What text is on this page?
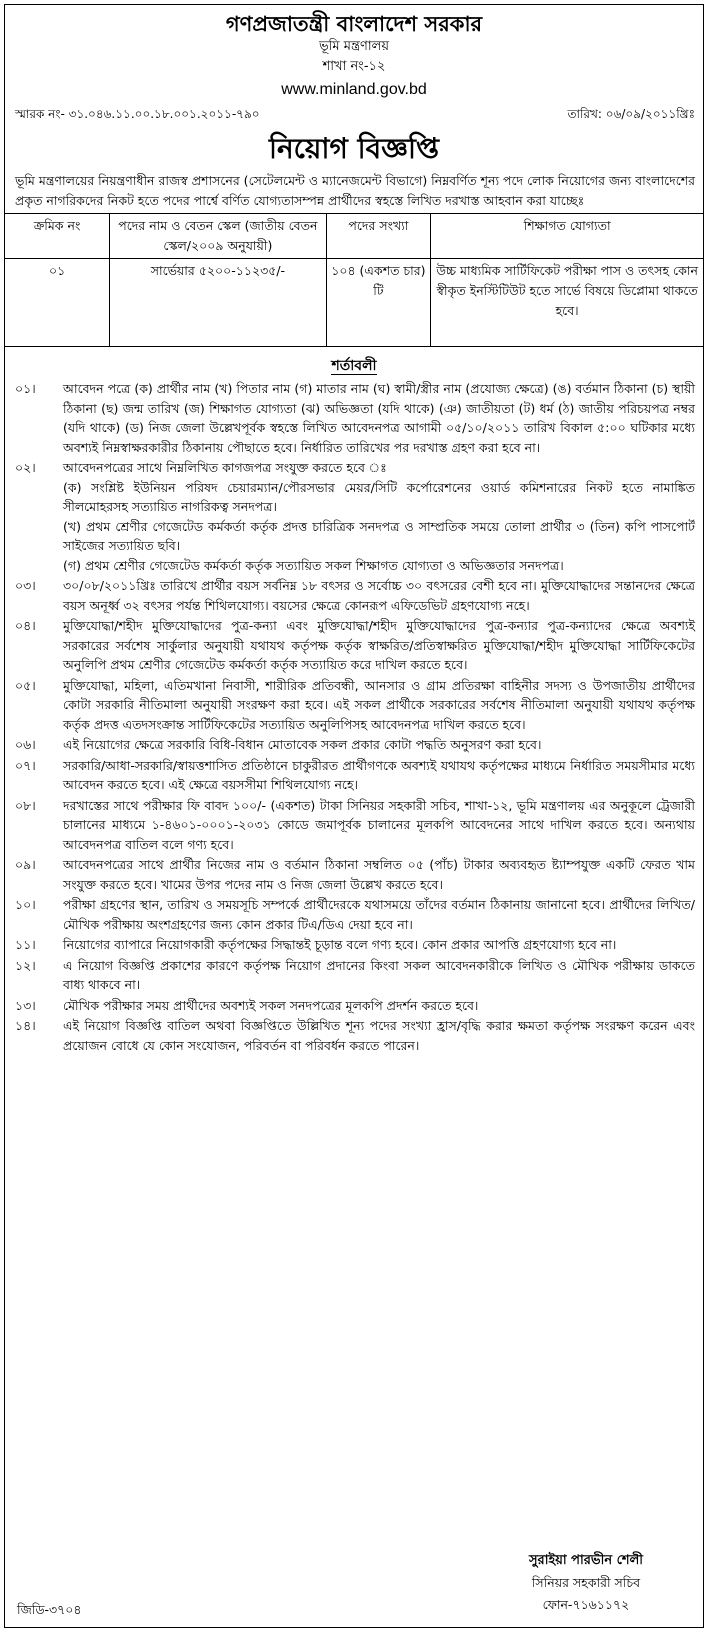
গণপ্রজাতন্ত্রী বাংলাদেশ সরকার
ভূমি মন্ত্রণালয়
শাখা নং-১২
www.minland.gov.bd
স্মারক নং- ৩১.০৪৬.১১.০০.১৮.০০১.২০১১-৭৯০	তারিখ: ০৬/০৯/২০১১খ্রিঃ
নিয়োগ বিজ্ঞপ্তি
ভূমি মন্ত্রণালয়ের নিয়ন্ত্রণাধীন রাজস্ব প্রশাসনের (সেটেলমেন্ট ও ম্যানেজমেন্ট বিভাগে) নিম্নবর্ণিত শূন্য পদে লোক নিয়োগের জন্য বাংলাদেশের প্রকৃত নাগরিকদের নিকট হতে পদের পার্শ্বে বর্ণিত যোগ্যতাসম্পন্ন প্রার্থীদের স্বহস্তে লিখিত দরখাস্ত আহবান করা যাচ্ছেঃ
ক্রমিক নং	পদের নাম ও বেতন স্কেল (জাতীয় বেতন স্কেল/২০০৯ অনুযায়ী)	পদের সংখ্যা	শিক্ষাগত যোগ্যতা
০১	সার্ভেয়ার ৫২০০-১১২৩৫/-	১০৪ (একশত চার) টি	উচ্চ মাধ্যমিক সার্টিফিকেট পরীক্ষা পাস ও তৎসহ কোন স্বীকৃত ইনস্টিটিউট হতে সার্ভে বিষয়ে ডিপ্লোমা থাকতে হবে।
শর্তাবলী
০১।	আবেদন পত্রে (ক) প্রার্থীর নাম (খ) পিতার নাম (গ) মাতার নাম (ঘ) স্বামী/স্ত্রীর নাম (প্রযোজ্য ক্ষেত্রে) (ঙ) বর্তমান ঠিকানা (চ) স্থায়ী ঠিকানা (ছ) জন্ম তারিখ (জ) শিক্ষাগত যোগ্যতা (ঝ) অভিজ্ঞতা (যদি থাকে) (ঞ) জাতীয়তা (ট) ধর্ম (ঠ) জাতীয় পরিচয়পত্র নম্বর (যদি থাকে) (ড) নিজ জেলা উল্লেখপূর্বক স্বহস্তে লিখিত আবেদনপত্র আগামী ০৫/১০/২০১১ তারিখ বিকাল ৫:০০ ঘটিকার মধ্যে অবশ্যই নিম্নস্বাক্ষরকারীর ঠিকানায় পৌছাতে হবে। নির্ধারিত তারিখের পর দরখাস্ত গ্রহণ করা হবে না।
০২।	আবেদনপত্রের সাথে নিম্নলিখিত কাগজপত্র সংযুক্ত করতে হবে ঃ
(ক) সংশ্লিষ্ট ইউনিয়ন পরিষদ চেয়ারম্যান/পৌরসভার মেয়র/সিটি কর্পোরেশনের ওয়ার্ড কমিশনারের নিকট হতে নামাঙ্কিত সীলমোহরসহ সত্যায়িত নাগরিকত্ব সনদপত্র।
(খ) প্রথম শ্রেণীর গেজেটেড কর্মকর্তা কর্তৃক প্রদত্ত চারিত্রিক সনদপত্র ও সাম্প্রতিক সময়ে তোলা প্রার্থীর ৩ (তিন) কপি পাসপোর্ট সাইজের সত্যায়িত ছবি।
(গ) প্রথম শ্রেণীর গেজেটেড কর্মকর্তা কর্তৃক সত্যায়িত সকল শিক্ষাগত যোগ্যতা ও অভিজ্ঞতার সনদপত্র।
০৩।	৩০/০৮/২০১১খ্রিঃ তারিখে প্রার্থীর বয়স সর্বনিম্ন ১৮ বৎসর ও সর্বোচ্চ ৩০ বৎসরের বেশী হবে না। মুক্তিযোদ্ধাদের সন্তানদের ক্ষেত্রে বয়স অনূর্ধ্ব ৩২ বৎসর পর্যন্ত শিথিলযোগ্য। বয়সের ক্ষেত্রে কোনরূপ এফিডেভিট গ্রহণযোগ্য নহে।
০৪।	মুক্তিযোদ্ধা/শহীদ মুক্তিযোদ্ধাদের পুত্র-কন্যা এবং মুক্তিযোদ্ধা/শহীদ মুক্তিযোদ্ধাদের পুত্র-কন্যার পুত্র-কন্যাদের ক্ষেত্রে অবশ্যই সরকারের সর্বশেষ সার্কুলার অনুযায়ী যথাযথ কর্তৃপক্ষ কর্তৃক স্বাক্ষরিত/প্রতিস্বাক্ষরিত মুক্তিযোদ্ধা/শহীদ মুক্তিযোদ্ধা সার্টিফিকেটের অনুলিপি প্রথম শ্রেণীর গেজেটেড কর্মকর্তা কর্তৃক সত্যায়িত করে দাখিল করতে হবে।
০৫।	মুক্তিযোদ্ধা, মহিলা, এতিমখানা নিবাসী, শারীরিক প্রতিবন্ধী, আনসার ও গ্রাম প্রতিরক্ষা বাহিনীর সদস্য ও উপজাতীয় প্রার্থীদের কোটা সরকারি নীতিমালা অনুযায়ী সংরক্ষণ করা হবে। এই সকল প্রার্থীকে সরকারের সর্বশেষ নীতিমালা অনুযায়ী যথাযথ কর্তৃপক্ষ কর্তৃক প্রদত্ত এতদসংক্রান্ত সার্টিফিকেটের সত্যায়িত অনুলিপিসহ আবেদনপত্র দাখিল করতে হবে।
০৬।	এই নিয়োগের ক্ষেত্রে সরকারি বিধি-বিধান মোতাবেক সকল প্রকার কোটা পদ্ধতি অনুসরণ করা হবে।
০৭।	সরকারি/আধা-সরকারি/স্বায়ত্তশাসিত প্রতিষ্ঠানে চাকুরীরত প্রার্থীগণকে অবশ্যই যথাযথ কর্তৃপক্ষের মাধ্যমে নির্ধারিত সময়সীমার মধ্যে আবেদন করতে হবে। এই ক্ষেত্রে বয়সসীমা শিথিলযোগ্য নহে।
০৮।	দরখাস্তের সাথে পরীক্ষার ফি বাবদ ১০০/- (একশত) টাকা সিনিয়র সহকারী সচিব, শাখা-১২, ভূমি মন্ত্রণালয় এর অনুকূলে ট্রেজারী চালানের মাধ্যমে ১-৪৬০১-০০০১-২০৩১ কোডে জমাপূর্বক চালানের মূলকপি আবেদনের সাথে দাখিল করতে হবে। অন্যথায় আবেদনপত্র বাতিল বলে গণ্য হবে।
০৯।	আবেদনপত্রের সাথে প্রার্থীর নিজের নাম ও বর্তমান ঠিকানা সম্বলিত ০৫ (পাঁচ) টাকার অব্যবহৃত ষ্ট্যাম্পযুক্ত একটি ফেরত খাম সংযুক্ত করতে হবে। খামের উপর পদের নাম ও নিজ জেলা উল্লেখ করতে হবে।
১০।	পরীক্ষা গ্রহণের স্থান, তারিখ ও সময়সূচি সম্পর্কে প্রার্থীদেরকে যথাসময়ে তাঁদের বর্তমান ঠিকানায় জানানো হবে। প্রার্থীদের লিখিত/মৌখিক পরীক্ষায় অংশগ্রহণের জন্য কোন প্রকার টিএ/ডিএ দেয়া হবে না।
১১।	নিয়োগের ব্যাপারে নিয়োগকারী কর্তৃপক্ষের সিদ্ধান্তই চূড়ান্ত বলে গণ্য হবে। কোন প্রকার আপত্তি গ্রহণযোগ্য হবে না।
১২।	এ নিয়োগ বিজ্ঞপ্তি প্রকাশের কারণে কর্তৃপক্ষ নিয়োগ প্রদানের কিংবা সকল আবেদনকারীকে লিখিত ও মৌখিক পরীক্ষায় ডাকতে বাধ্য থাকবে না।
১৩।	মৌখিক পরীক্ষার সময় প্রার্থীদের অবশ্যই সকল সনদপত্রের মূলকপি প্রদর্শন করতে হবে।
১৪।	এই নিয়োগ বিজ্ঞপ্তি বাতিল অথবা বিজ্ঞপ্তিতে উল্লিখিত শূন্য পদের সংখ্যা হ্রাস/বৃদ্ধি করার ক্ষমতা কর্তৃপক্ষ সংরক্ষণ করেন এবং প্রয়োজন বোধে যে কোন সংযোজন, পরিবর্তন বা পরিবর্ধন করতে পারেন।
সুরাইয়া পারভীন শেলী
সিনিয়র সহকারী সচিব
ফোন-৭১৬১১৭২
জিডি-৩৭০৪
